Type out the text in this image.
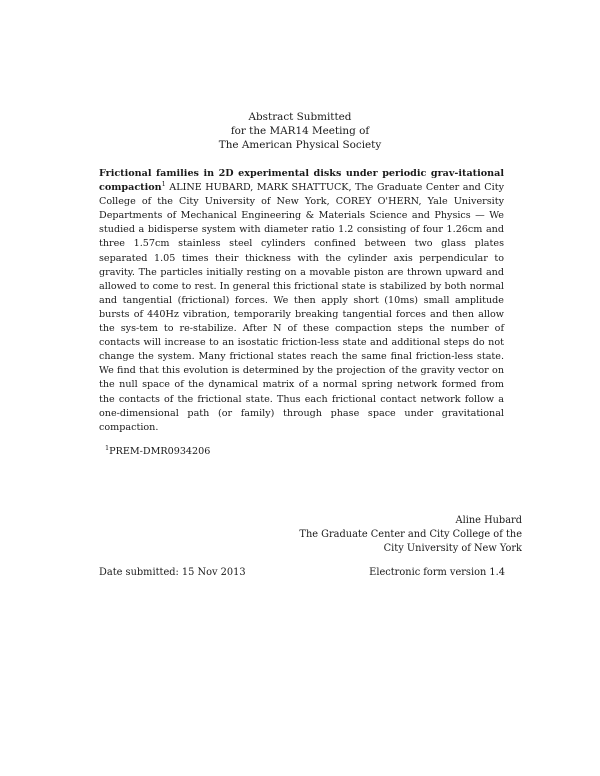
Abstract Submitted
for the MAR14 Meeting of
The American Physical Society
Frictional families in 2D experimental disks under periodic grav-itational compaction$^1$ ALINE HUBARD, MARK SHATTUCK, The Graduate Center and City College of the City University of New York, COREY O'HERN, Yale University Departments of Mechanical Engineering & Materials Science and Physics — We studied a bidisperse system with diameter ratio 1.2 consisting of four 1.26cm and three 1.57cm stainless steel cylinders confined between two glass plates separated 1.05 times their thickness with the cylinder axis perpendicular to gravity. The particles initially resting on a movable piston are thrown upward and allowed to come to rest. In general this frictional state is stabilized by both normal and tangential (frictional) forces. We then apply short (10ms) small amplitude bursts of 440Hz vibration, temporarily breaking tangential forces and then allow the sys-tem to re-stabilize. After N of these compaction steps the number of contacts will increase to an isostatic friction-less state and additional steps do not change the system. Many frictional states reach the same final friction-less state. We find that this evolution is determined by the projection of the gravity vector on the null space of the dynamical matrix of a normal spring network formed from the contacts of the frictional state. Thus each frictional contact network follow a one-dimensional path (or family) through phase space under gravitational compaction.
$^1$PREM-DMR0934206
Aline Hubard
The Graduate Center and City College of the
City University of New York
Date submitted: 15 Nov 2013	Electronic form version 1.4
